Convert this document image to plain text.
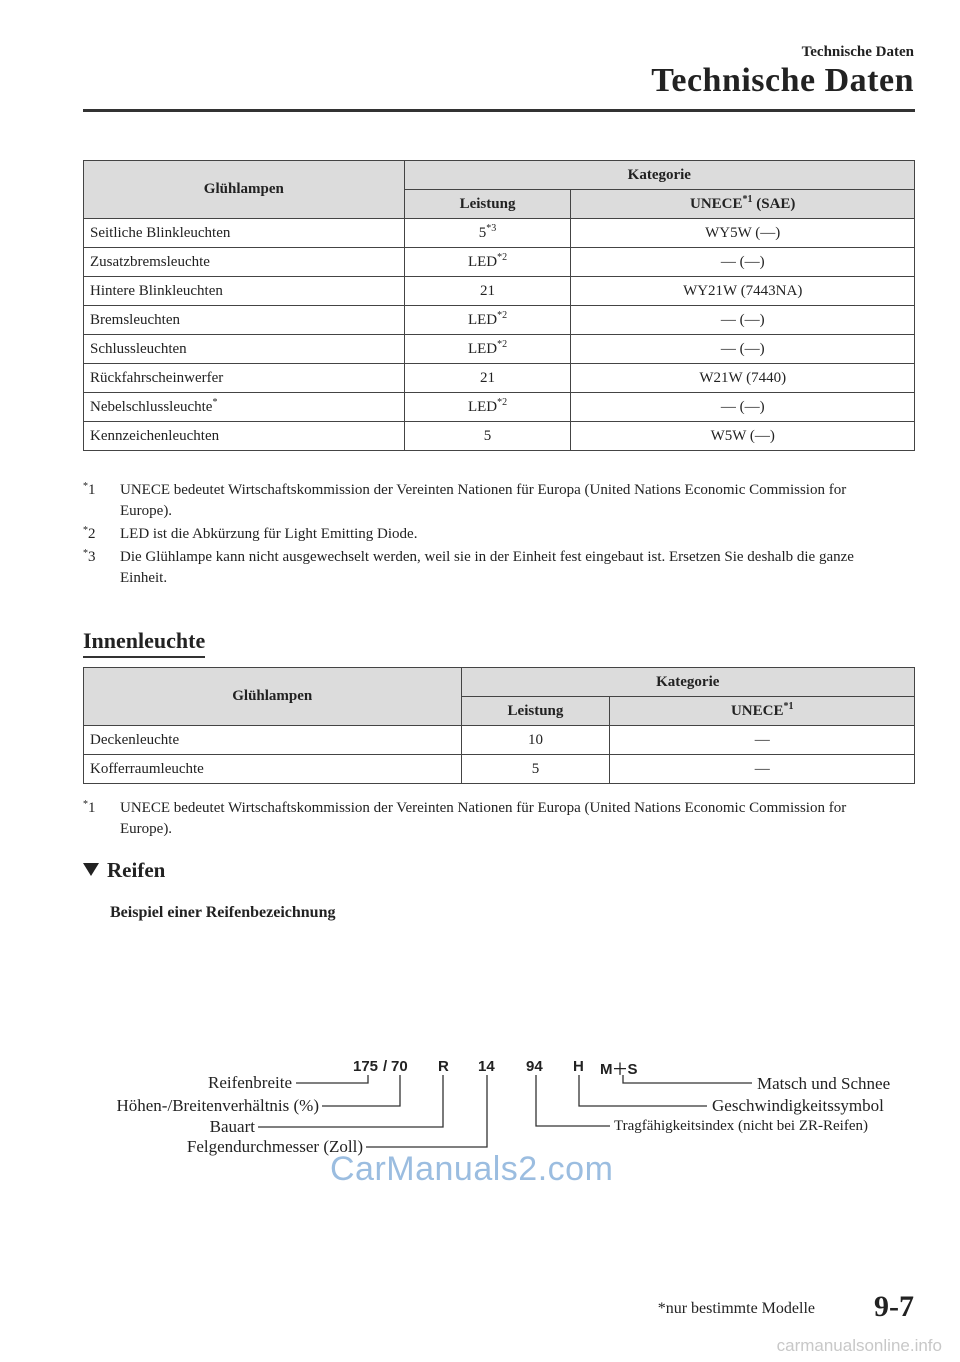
Technische Daten
Technische Daten
Glühlampen	Kategorie	
	Leistung	UNECE$^{*1}$ (SAE)
Seitliche Blinkleuchten	5$^{*3}$	WY5W (―)
Zusatzbremsleuchte	LED$^{*2}$	― (―)
Hintere Blinkleuchten	21	WY21W (7443NA)
Bremsleuchten	LED$^{*2}$	― (―)
Schlussleuchten	LED$^{*2}$	― (―)
Rückfahrscheinwerfer	21	W21W (7440)
Nebelschlussleuchte*	LED$^{*2}$	― (―)
Kennzeichenleuchten	5	W5W (―)
*1 UNECE bedeutet Wirtschaftskommission der Vereinten Nationen für Europa (United Nations Economic Commission for Europe).
*2 LED ist die Abkürzung für Light Emitting Diode.
*3 Die Glühlampe kann nicht ausgewechselt werden, weil sie in der Einheit fest eingebaut ist. Ersetzen Sie deshalb die ganze Einheit.
Innenleuchte
Glühlampen	Kategorie	
	Leistung	UNECE$^{*1}$
Deckenleuchte	10	―
Kofferraumleuchte	5	―
*1 UNECE bedeutet Wirtschaftskommission der Vereinten Nationen für Europa (United Nations Economic Commission for Europe).
Reifen
Beispiel einer Reifenbezeichnung
175 / 70 R 14 94 H M＋S
Reifenbreite
Höhen-/Breitenverhältnis (%)
Bauart
Felgendurchmesser (Zoll)
Matsch und Schnee
Geschwindigkeitssymbol
Tragfähigkeitsindex (nicht bei ZR-Reifen)
CarManuals2.com
*nur bestimmte Modelle 9-7
carmanualsonline.info
